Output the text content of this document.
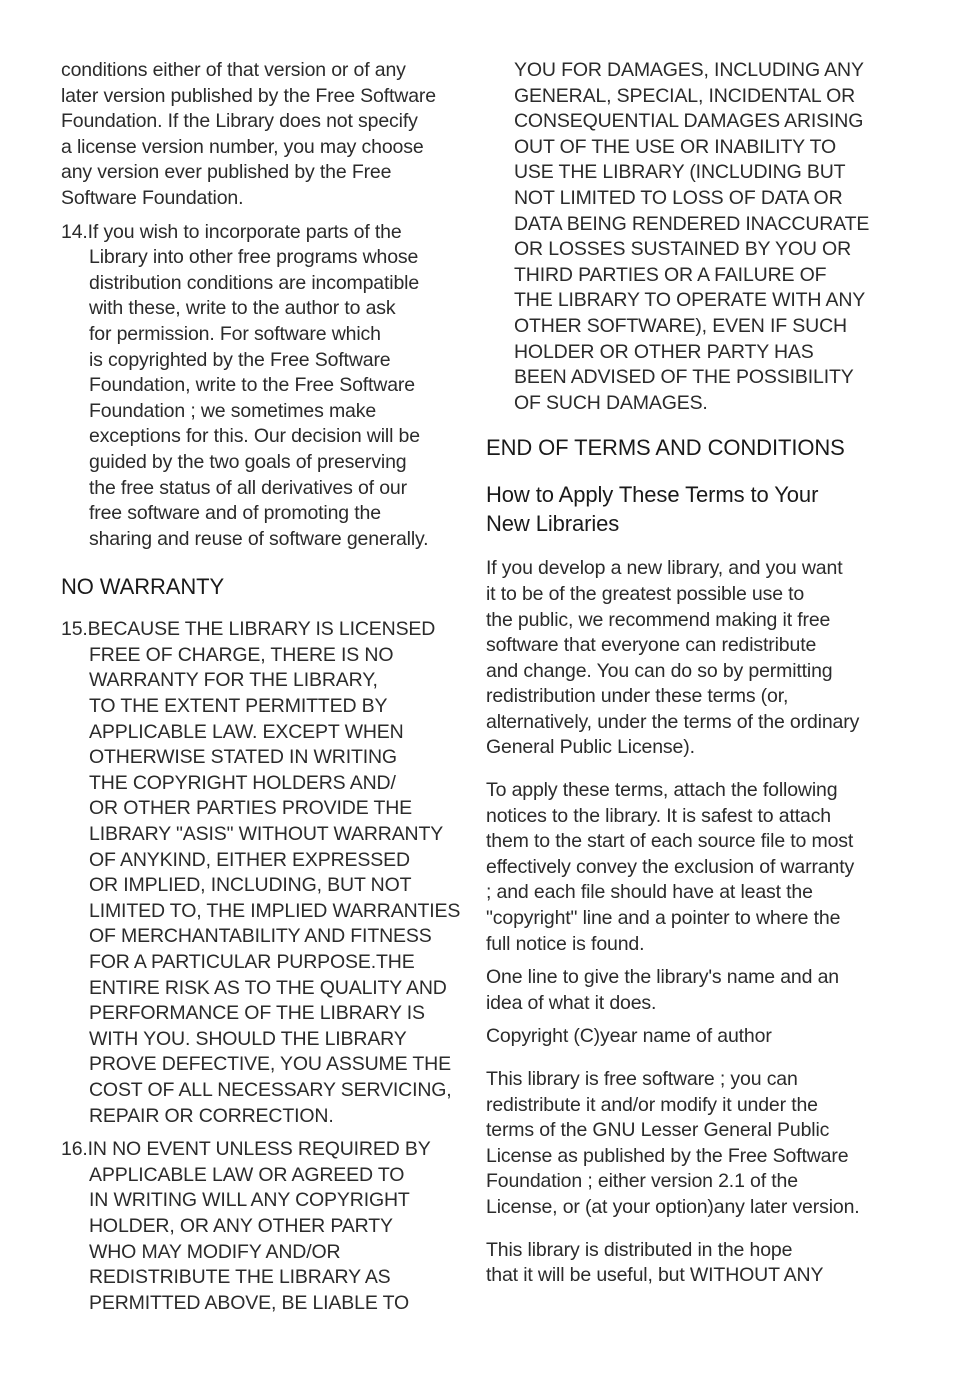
conditions either of that version or of any
later version published by the Free Software
Foundation. If the Library does not specify
a license version number, you may choose
any version ever published by the Free
Software Foundation.
14.If you wish to incorporate parts of the
Library into other free programs whose
distribution conditions are incompatible
with these, write to the author to ask
for permission. For software which
is copyrighted by the Free Software
Foundation, write to the Free Software
Foundation ; we sometimes make
exceptions for this. Our decision will be
guided by the two goals of preserving
the free status of all derivatives of our
free software and of promoting the
sharing and reuse of software generally.
NO WARRANTY
15.BECAUSE THE LIBRARY IS LICENSED
FREE OF CHARGE, THERE IS NO
WARRANTY FOR THE LIBRARY,
TO THE EXTENT PERMITTED BY
APPLICABLE LAW. EXCEPT WHEN
OTHERWISE STATED IN WRITING
THE COPYRIGHT HOLDERS AND/
OR OTHER PARTIES PROVIDE THE
LIBRARY "ASIS" WITHOUT WARRANTY
OF ANYKIND, EITHER EXPRESSED
OR IMPLIED, INCLUDING, BUT NOT
LIMITED TO, THE IMPLIED WARRANTIES
OF MERCHANTABILITY AND FITNESS
FOR A PARTICULAR PURPOSE.THE
ENTIRE RISK AS TO THE QUALITY AND
PERFORMANCE OF THE LIBRARY IS
WITH YOU. SHOULD THE LIBRARY
PROVE DEFECTIVE, YOU ASSUME THE
COST OF ALL NECESSARY SERVICING,
REPAIR OR CORRECTION.
16.IN NO EVENT UNLESS REQUIRED BY
APPLICABLE LAW OR AGREED TO
IN WRITING WILL ANY COPYRIGHT
HOLDER, OR ANY OTHER PARTY
WHO MAY MODIFY AND/OR
REDISTRIBUTE THE LIBRARY AS
PERMITTED ABOVE, BE LIABLE TO
YOU FOR DAMAGES, INCLUDING ANY
GENERAL, SPECIAL, INCIDENTAL OR
CONSEQUENTIAL DAMAGES ARISING
OUT OF THE USE OR INABILITY TO
USE THE LIBRARY (INCLUDING BUT
NOT LIMITED TO LOSS OF DATA OR
DATA BEING RENDERED INACCURATE
OR LOSSES SUSTAINED BY YOU OR
THIRD PARTIES OR A FAILURE OF
THE LIBRARY TO OPERATE WITH ANY
OTHER SOFTWARE), EVEN IF SUCH
HOLDER OR OTHER PARTY HAS
BEEN ADVISED OF THE POSSIBILITY
OF SUCH DAMAGES.
END OF TERMS AND CONDITIONS
How to Apply These Terms to Your
New Libraries
If you develop a new library, and you want
it to be of the greatest possible use to
the public, we recommend making it free
software that everyone can redistribute
and change. You can do so by permitting
redistribution under these terms (or,
alternatively, under the terms of the ordinary
General Public License).
To apply these terms, attach the following
notices to the library. It is safest to attach
them to the start of each source file to most
effectively convey the exclusion of warranty
; and each file should have at least the
"copyright" line and a pointer to where the
full notice is found.
One line to give the library's name and an
idea of what it does.
Copyright (C)year name of author
This library is free software ; you can
redistribute it and/or modify it under the
terms of the GNU Lesser General Public
License as published by the Free Software
Foundation ; either version 2.1 of the
License, or (at your option)any later version.
This library is distributed in the hope
that it will be useful, but WITHOUT ANY
